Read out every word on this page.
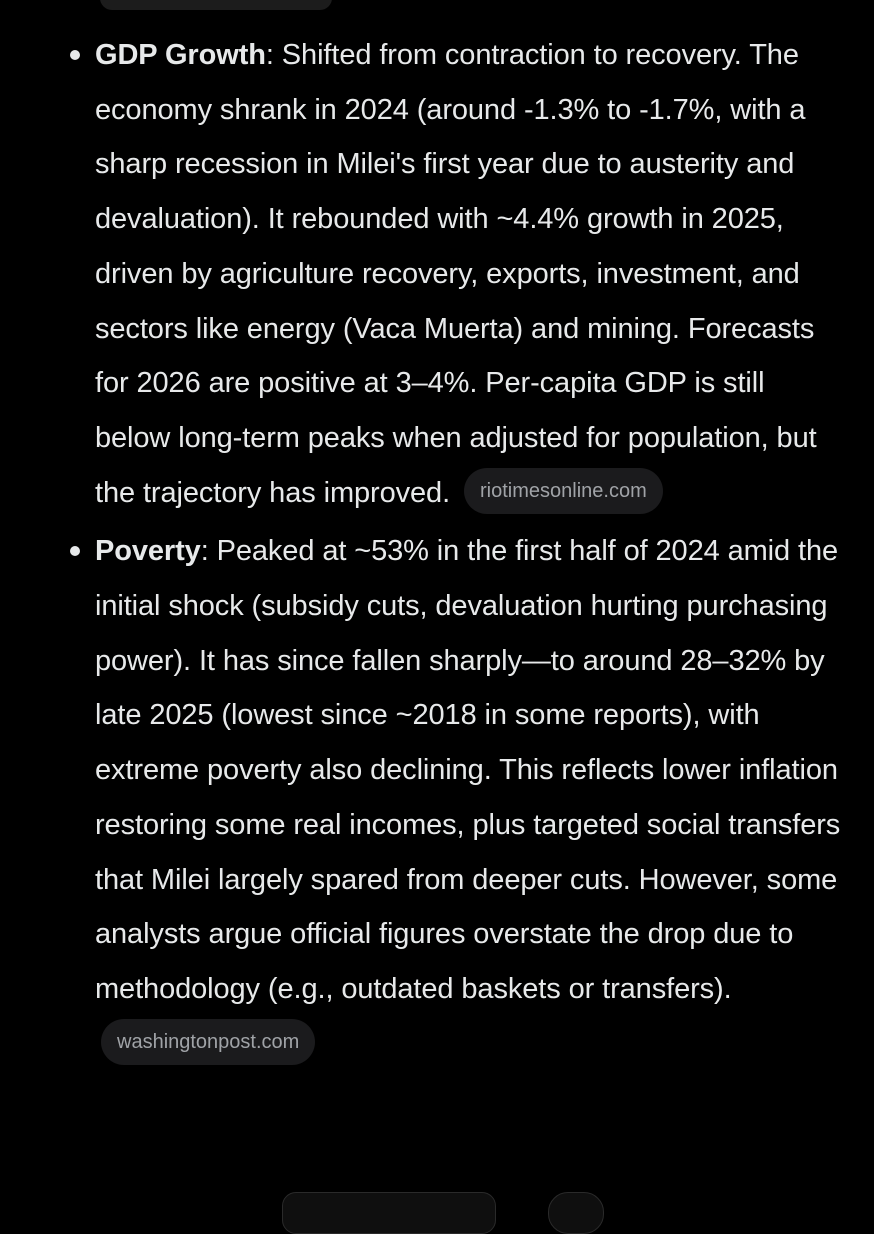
GDP Growth: Shifted from contraction to recovery. The economy shrank in 2024 (around -1.3% to -1.7%, with a sharp recession in Milei's first year due to austerity and devaluation). It rebounded with ~4.4% growth in 2025, driven by agriculture recovery, exports, investment, and sectors like energy (Vaca Muerta) and mining. Forecasts for 2026 are positive at 3–4%. Per-capita GDP is still below long-term peaks when adjusted for population, but the trajectory has improved. riotimesonline.com
Poverty: Peaked at ~53% in the first half of 2024 amid the initial shock (subsidy cuts, devaluation hurting purchasing power). It has since fallen sharply—to around 28–32% by late 2025 (lowest since ~2018 in some reports), with extreme poverty also declining. This reflects lower inflation restoring some real incomes, plus targeted social transfers that Milei largely spared from deeper cuts. However, some analysts argue official figures overstate the drop due to methodology (e.g., outdated baskets or transfers). washingtonpost.com
